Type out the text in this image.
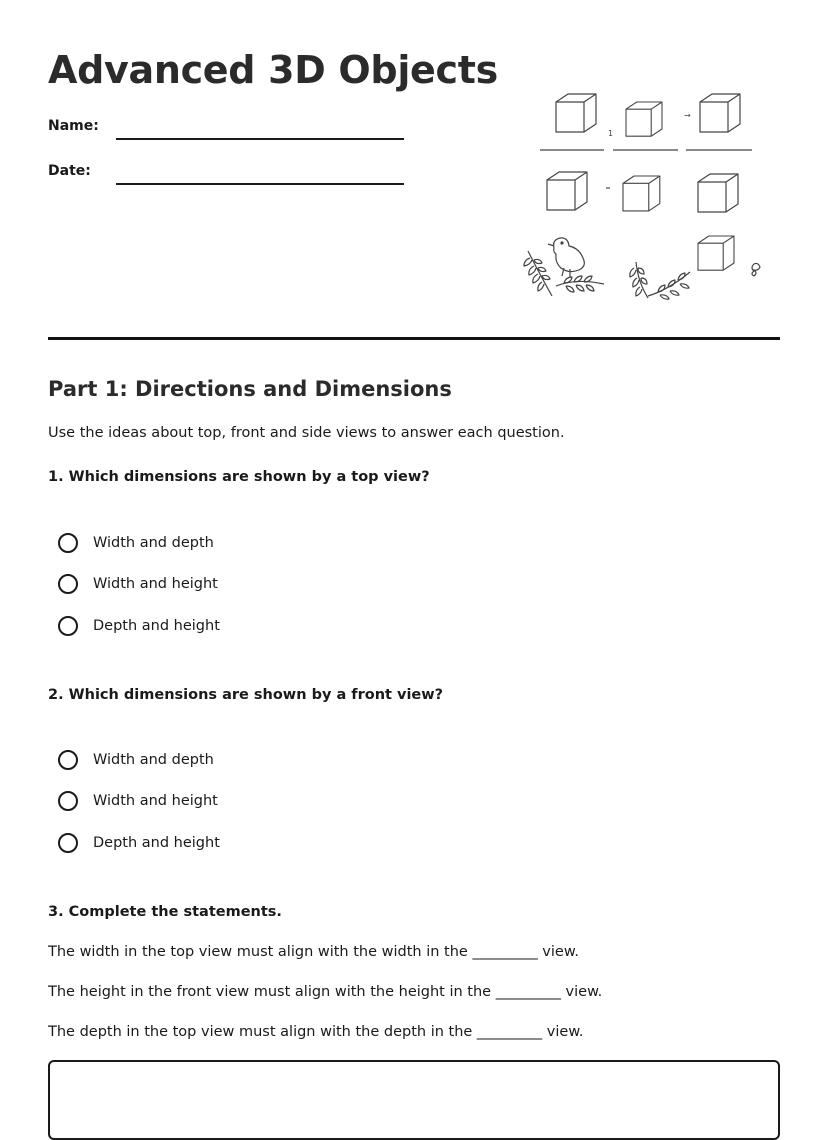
Advanced 3D Objects
Name:
Date:
1
→
Part 1: Directions and Dimensions

Use the ideas about top, front and side views to answer each question.

1. Which dimensions are shown by a top view?

Width and depth
Width and height
Depth and height

2. Which dimensions are shown by a front view?

Width and depth
Width and height
Depth and height

3. Complete the statements.

The width in the top view must align with the width in the _________ view.

The height in the front view must align with the height in the _________ view.

The depth in the top view must align with the depth in the _________ view.
